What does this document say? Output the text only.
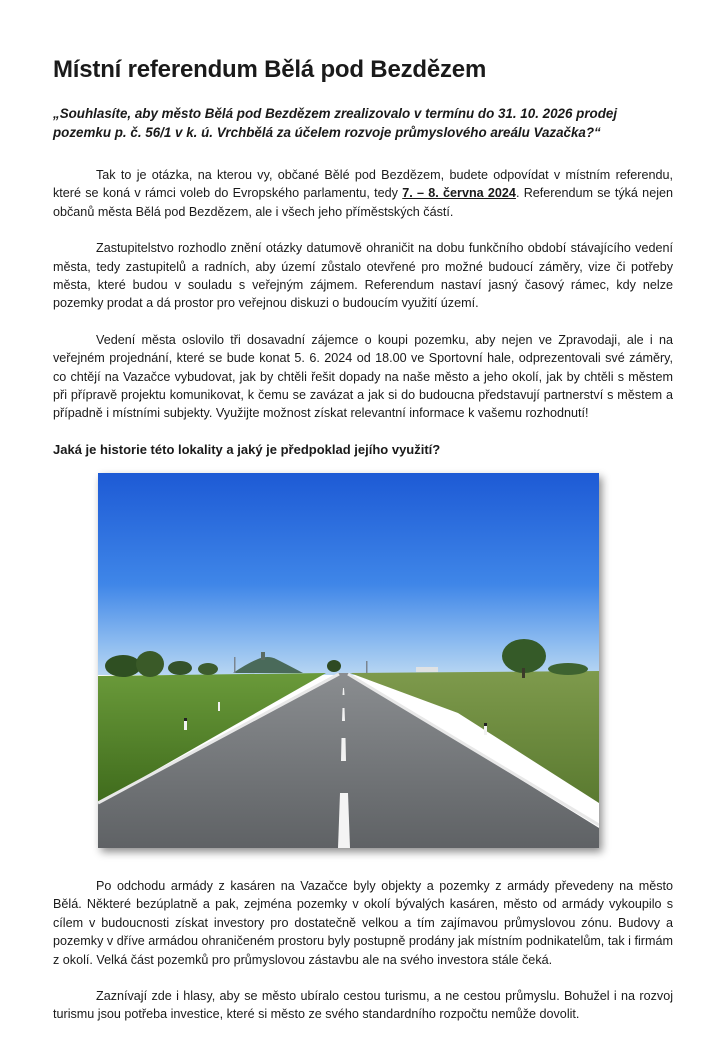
Místní referendum Bělá pod Bezdězem
„Souhlasíte, aby město Bělá pod Bezdězem zrealizovalo v termínu do 31. 10. 2026 prodej pozemku p. č. 56/1 v k. ú. Vrchbělá za účelem rozvoje průmyslového areálu Vazačka?“

Tak to je otázka, na kterou vy, občané Bělé pod Bezdězem, budete odpovídat v místním referendu, které se koná v rámci voleb do Evropského parlamentu, tedy 7. – 8. června 2024. Referendum se týká nejen občanů města Bělá pod Bezdězem, ale i všech jeho příměstských částí.

Zastupitelstvo rozhodlo znění otázky datumově ohraničit na dobu funkčního období stávajícího vedení města, tedy zastupitelů a radních, aby území zůstalo otevřené pro možné budoucí záměry, vize či potřeby města, které budou v souladu s veřejným zájmem. Referendum nastaví jasný časový rámec, kdy nelze pozemky prodat a dá prostor pro veřejnou diskuzi o budoucím využití území.

Vedení města oslovilo tři dosavadní zájemce o koupi pozemku, aby nejen ve Zpravodaji, ale i na veřejném projednání, které se bude konat 5. 6. 2024 od 18.00 ve Sportovní hale, odprezentovali své záměry, co chtějí na Vazačce vybudovat, jak by chtěli řešit dopady na naše město a jeho okolí, jak by chtěli s městem při přípravě projektu komunikovat, k čemu se zavázat a jak si do budoucna představují partnerství s městem a případně i místními subjekty. Využijte možnost získat relevantní informace k vašemu rozhodnutí!

Jaká je historie této lokality a jaký je předpoklad jejího využití?

Po odchodu armády z kasáren na Vazačce byly objekty a pozemky z armády převedeny na město Bělá. Některé bezúplatně a pak, zejména pozemky v okolí bývalých kasáren, město od armády vykoupilo s cílem v budoucnosti získat investory pro dostatečně velkou a tím zajímavou průmyslovou zónu. Budovy a pozemky v dříve armádou ohraničeném prostoru byly postupně prodány jak místním podnikatelům, tak i firmám z okolí. Velká část pozemků pro průmyslovou zástavbu ale na svého investora stále čeká.

Zaznívají zde i hlasy, aby se město ubíralo cestou turismu, a ne cestou průmyslu. Bohužel i na rozvoj turismu jsou potřeba investice, které si město ze svého standardního rozpočtu nemůže dovolit.
